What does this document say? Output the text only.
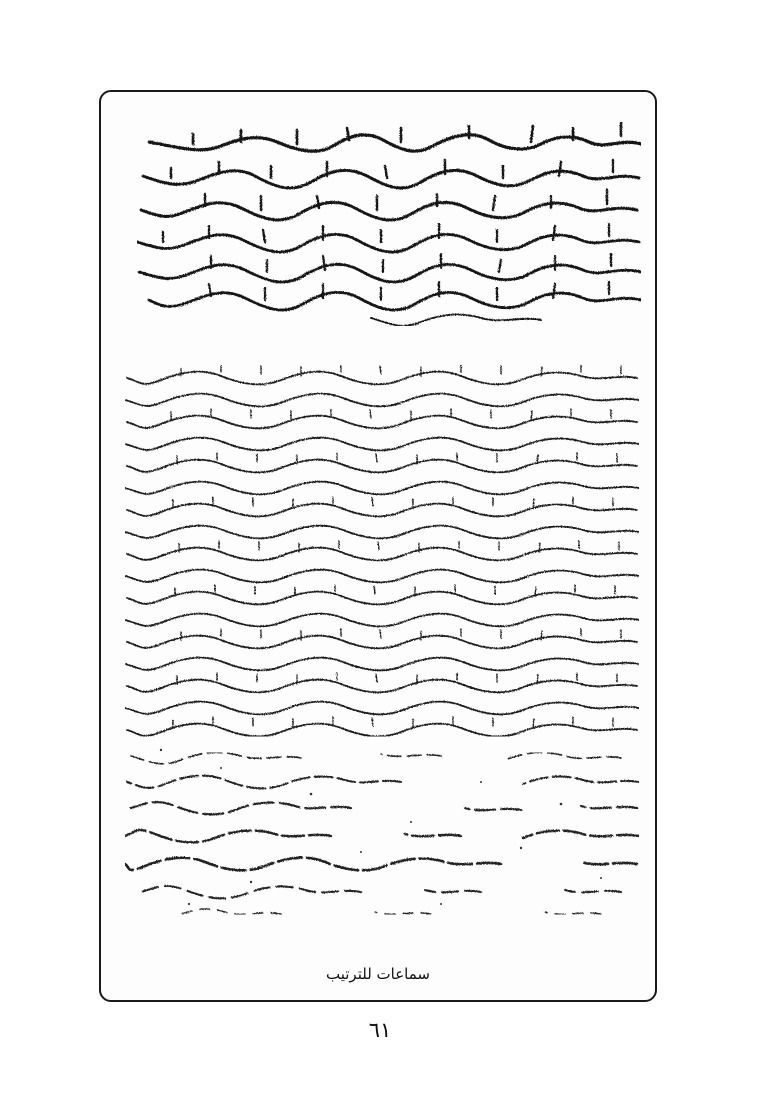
سماعات للترتيب
٦١
